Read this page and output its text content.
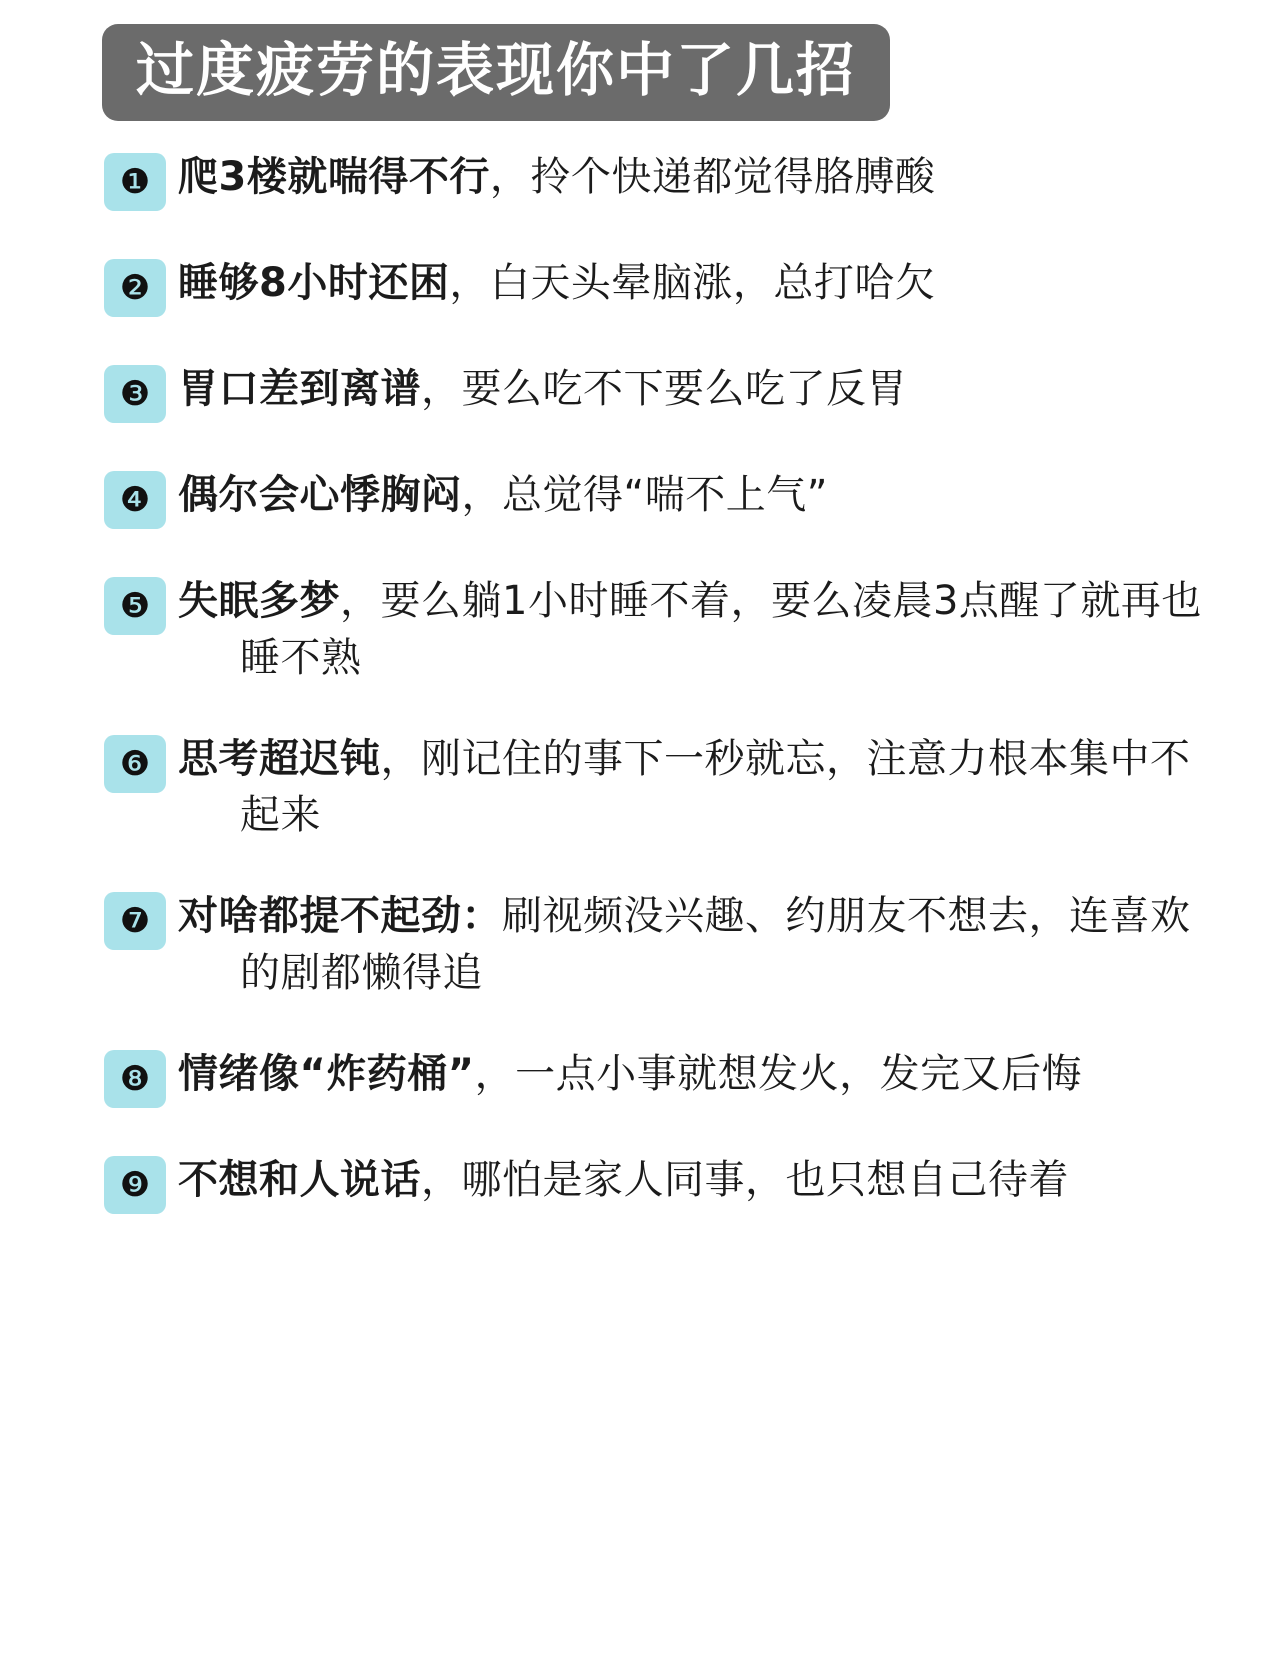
过度疲劳的表现你中了几招
❶ 爬3楼就喘得不行，拎个快递都觉得胳膊酸
❷ 睡够8小时还困，白天头晕脑涨，总打哈欠
❸ 胃口差到离谱，要么吃不下要么吃了反胃
❹ 偶尔会心悸胸闷，总觉得“喘不上气”
❺ 失眠多梦，要么躺1小时睡不着，要么凌晨3点醒了就再也睡不熟
❻ 思考超迟钝，刚记住的事下一秒就忘，注意力根本集中不起来
❼ 对啥都提不起劲：刷视频没兴趣、约朋友不想去，连喜欢的剧都懒得追
❽ 情绪像“炸药桶”，一点小事就想发火，发完又后悔
❾ 不想和人说话，哪怕是家人同事，也只想自己待着
